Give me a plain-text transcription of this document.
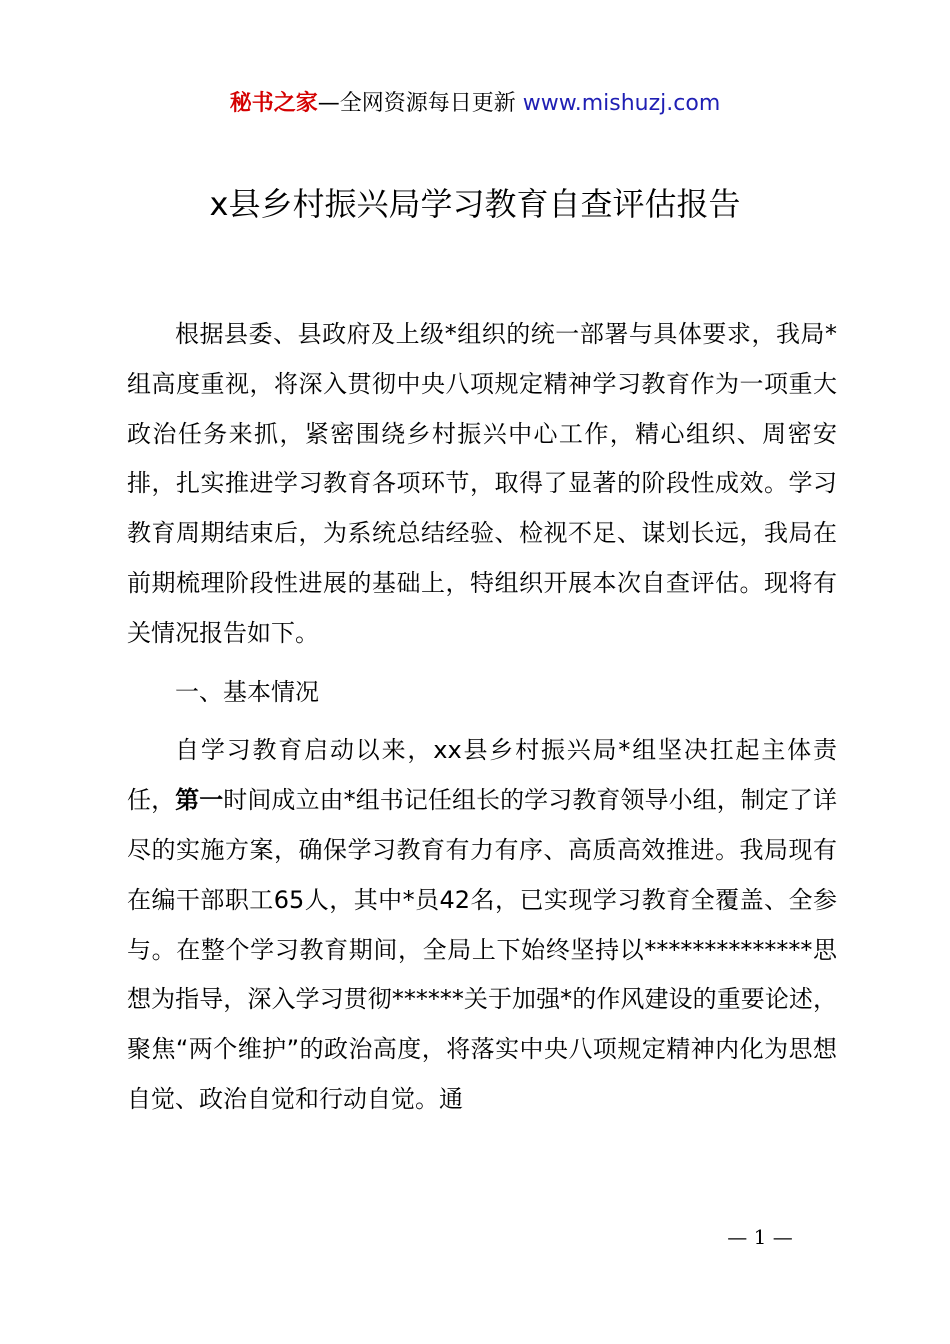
秘书之家—全网资源每日更新 www.mishuzj.com
x县乡村振兴局学习教育自查评估报告

根据县委、县政府及上级*组织的统一部署与具体要求，我局*组高度重视，将深入贯彻中央八项规定精神学习教育作为一项重大政治任务来抓，紧密围绕乡村振兴中心工作，精心组织、周密安排，扎实推进学习教育各项环节，取得了显著的阶段性成效。学习教育周期结束后，为系统总结经验、检视不足、谋划长远，我局在前期梳理阶段性进展的基础上，特组织开展本次自查评估。现将有关情况报告如下。

一、基本情况

自学习教育启动以来，xx县乡村振兴局*组坚决扛起主体责任，第一时间成立由*组书记任组长的学习教育领导小组，制定了详尽的实施方案，确保学习教育有力有序、高质高效推进。我局现有在编干部职工65人，其中*员42名，已实现学习教育全覆盖、全参与。在整个学习教育期间，全局上下始终坚持以**************思想为指导，深入学习贯彻******关于加强*的作风建设的重要论述，聚焦“两个维护”的政治高度，将落实中央八项规定精神内化为思想自觉、政治自觉和行动自觉。通

— 1 —
